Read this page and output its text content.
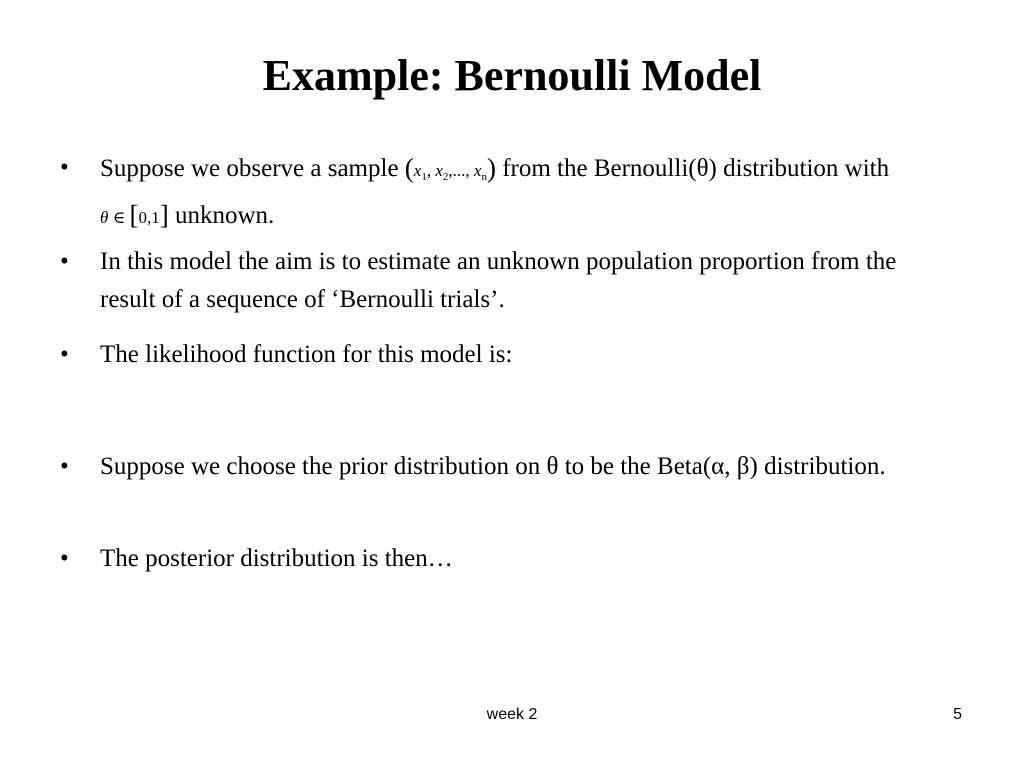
Example: Bernoulli Model
• Suppose we observe a sample ($x_1$, $x_2$,..., $x_n$) from the Bernoulli(θ) distribution with θ ∈ [0,1] unknown.
• In this model the aim is to estimate an unknown population proportion from the result of a sequence of ‘Bernoulli trials’.
• The likelihood function for this model is:
• Suppose we choose the prior distribution on θ to be the Beta(α, β) distribution.
• The posterior distribution is then…
week 2	5
